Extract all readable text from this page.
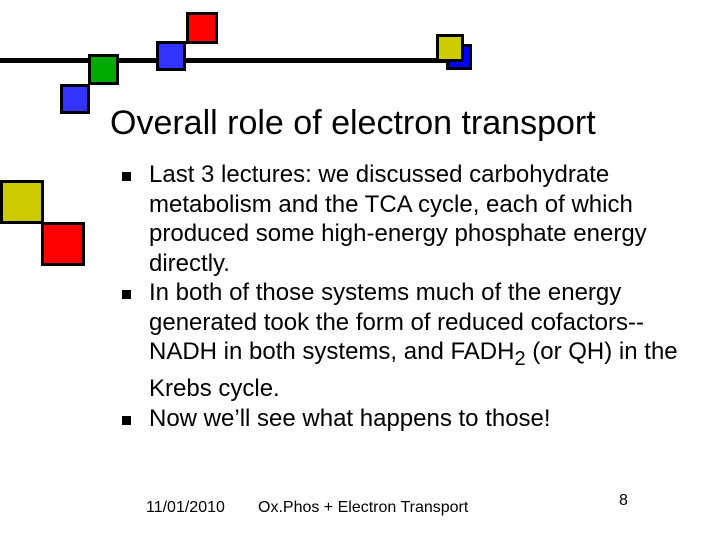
Overall role of electron transport
Last 3 lectures: we discussed carbohydrate metabolism and the TCA cycle, each of which produced some high-energy phosphate energy directly.
In both of those systems much of the energy generated took the form of reduced cofactors--NADH in both systems, and $FADH_2$ (or QH) in the Krebs cycle.
Now we’ll see what happens to those!
11/01/2010 Ox.Phos + Electron Transport	8
